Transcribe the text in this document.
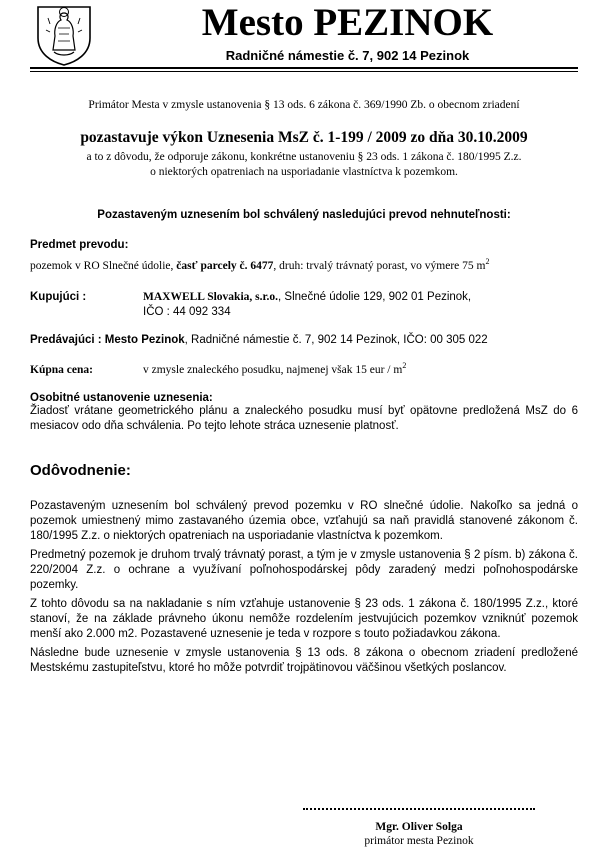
Mesto PEZINOK
Radničné námestie č. 7, 902 14 Pezinok
Primátor Mesta v zmysle ustanovenia § 13 ods. 6 zákona č. 369/1990 Zb. o obecnom zriadení
pozastavuje výkon Uznesenia MsZ č. 1-199 / 2009 zo dňa 30.10.2009
a to z dôvodu, že odporuje zákonu, konkrétne ustanoveniu § 23 ods. 1 zákona č. 180/1995 Z.z.
o niektorých opatreniach na usporiadanie vlastníctva k pozemkom.
Pozastaveným uznesením bol schválený nasledujúci prevod nehnuteľnosti:
Predmet prevodu:
pozemok v RO Slnečné údolie, časť parcely č. 6477, druh: trvalý trávnatý porast, vo výmere 75 $m^2$
Kupujúci :	MAXWELL Slovakia, s.r.o., Slnečné údolie 129, 902 01 Pezinok,
IČO : 44 092 334
Predávajúci : Mesto Pezinok, Radničné námestie č. 7, 902 14 Pezinok, IČO: 00 305 022
Kúpna cena:	v zmysle znaleckého posudku, najmenej však 15 eur / $m^2$
Osobitné ustanovenie uznesenia:
Žiadosť vrátane geometrického plánu a znaleckého posudku musí byť opätovne predložená MsZ do 6 mesiacov odo dňa schválenia. Po tejto lehote stráca uznesenie platnosť.
Odôvodnenie:
Pozastaveným uznesením bol schválený prevod pozemku v RO slnečné údolie. Nakoľko sa jedná o pozemok umiestnený mimo zastavaného územia obce, vzťahujú sa naň pravidlá stanovené zákonom č. 180/1995 Z.z. o niektorých opatreniach na usporiadanie vlastníctva k pozemkom.
Predmetný pozemok je druhom trvalý trávnatý porast, a tým je v zmysle ustanovenia § 2 písm. b) zákona č. 220/2004 Z.z. o ochrane a využívaní poľnohospodárskej pôdy zaradený medzi poľnohospodárske pozemky.
Z tohto dôvodu sa na nakladanie s ním vzťahuje ustanovenie § 23 ods. 1 zákona č. 180/1995 Z.z., ktoré stanoví, že na základe právneho úkonu nemôže rozdelením jestvujúcich pozemkov vzniknúť pozemok menší ako 2.000 m2. Pozastavené uznesenie je teda v rozpore s touto požiadavkou zákona.
Následne bude uznesenie v zmysle ustanovenia § 13 ods. 8 zákona o obecnom zriadení predložené Mestskému zastupiteľstvu, ktoré ho môže potvrdiť trojpätinovou väčšinou všetkých poslancov.
Mgr. Oliver Solga
primátor mesta Pezinok
